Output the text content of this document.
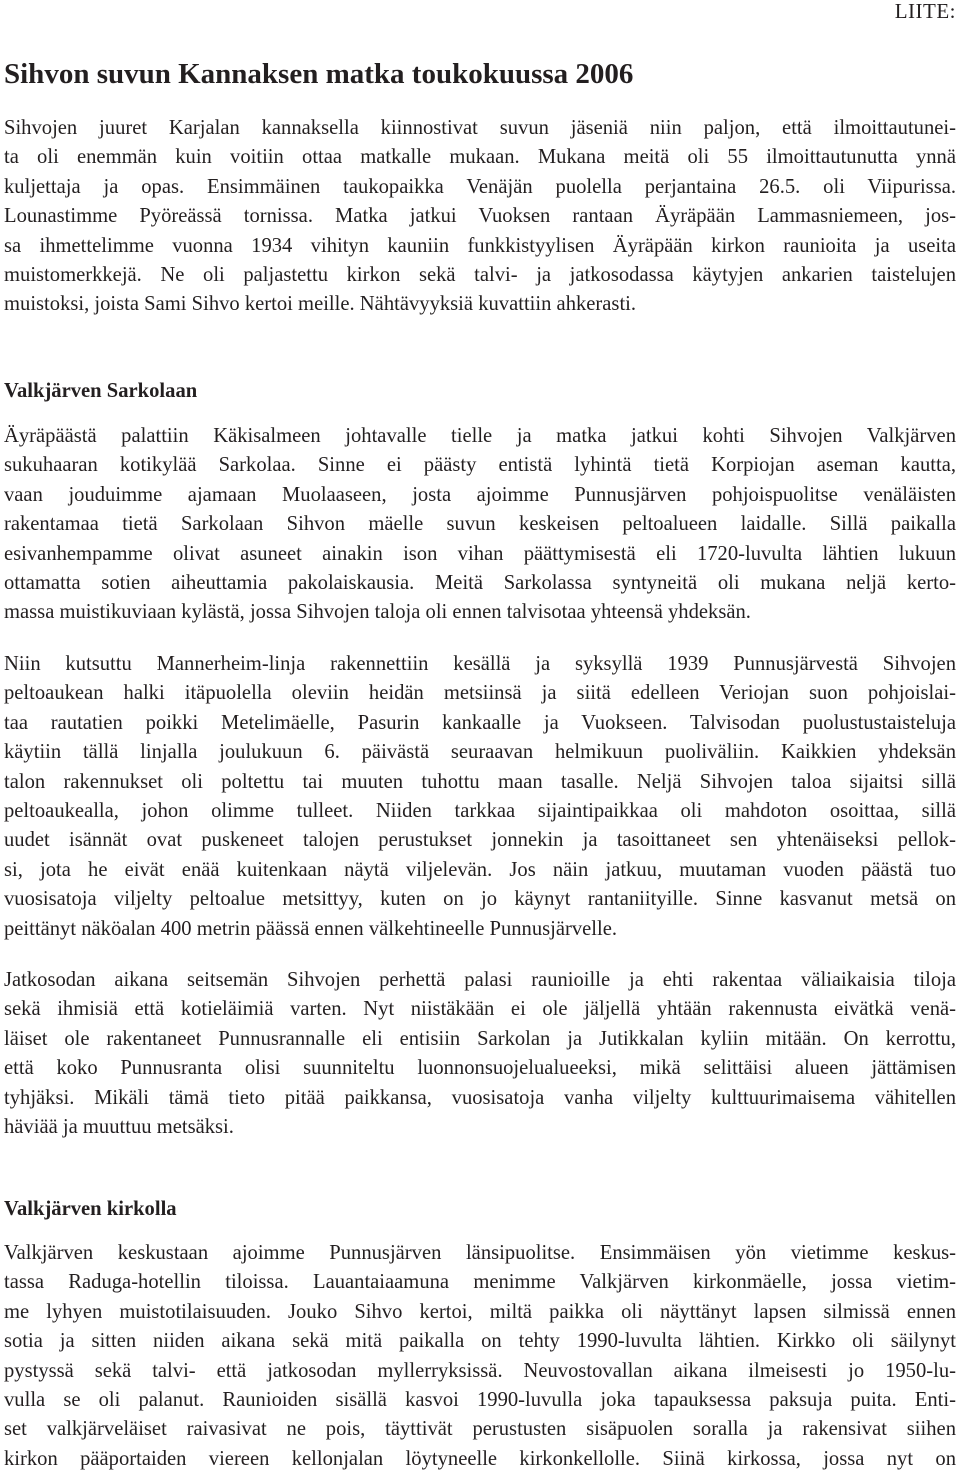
LIITE:
Sihvon suvun Kannaksen matka toukokuussa 2006
Sihvojen juuret Karjalan kannaksella kiinnostivat suvun jäseniä niin paljon, että ilmoittautunei-
ta oli enemmän kuin voitiin ottaa matkalle mukaan. Mukana meitä oli 55 ilmoittautunutta ynnä
kuljettaja ja opas. Ensimmäinen taukopaikka Venäjän puolella perjantaina 26.5. oli Viipurissa.
Lounastimme Pyöreässä tornissa. Matka jatkui Vuoksen rantaan Äyräpään Lammasniemeen, jos-
sa ihmettelimme vuonna 1934 vihityn kauniin funkkistyylisen Äyräpään kirkon raunioita ja useita
muistomerkkejä. Ne oli paljastettu kirkon sekä talvi- ja jatkosodassa käytyjen ankarien taistelujen
muistoksi, joista Sami Sihvo kertoi meille. Nähtävyyksiä kuvattiin ahkerasti.
Valkjärven Sarkolaan
Äyräpäästä palattiin Käkisalmeen johtavalle tielle ja matka jatkui kohti Sihvojen Valkjärven
sukuhaaran kotikylää Sarkolaa. Sinne ei päästy entistä lyhintä tietä Korpiojan aseman kautta,
vaan jouduimme ajamaan Muolaaseen, josta ajoimme Punnusjärven pohjoispuolitse venäläisten
rakentamaa tietä Sarkolaan Sihvon mäelle suvun keskeisen peltoalueen laidalle. Sillä paikalla
esivanhempamme olivat asuneet ainakin ison vihan päättymisestä eli 1720-luvulta lähtien lukuun
ottamatta sotien aiheuttamia pakolaiskausia. Meitä Sarkolassa syntyneitä oli mukana neljä kerto-
massa muistikuviaan kylästä, jossa Sihvojen taloja oli ennen talvisotaa yhteensä yhdeksän.
Niin kutsuttu Mannerheim-linja rakennettiin kesällä ja syksyllä 1939 Punnusjärvestä Sihvojen
peltoaukean halki itäpuolella oleviin heidän metsiinsä ja siitä edelleen Veriojan suon pohjoislai-
taa rautatien poikki Metelimäelle, Pasurin kankaalle ja Vuokseen. Talvisodan puolustustaisteluja
käytiin tällä linjalla joulukuun 6. päivästä seuraavan helmikuun puoliväliin. Kaikkien yhdeksän
talon rakennukset oli poltettu tai muuten tuhottu maan tasalle. Neljä Sihvojen taloa sijaitsi sillä
peltoaukealla, johon olimme tulleet. Niiden tarkkaa sijaintipaikkaa oli mahdoton osoittaa, sillä
uudet isännät ovat puskeneet talojen perustukset jonnekin ja tasoittaneet sen yhtenäiseksi pellok-
si, jota he eivät enää kuitenkaan näytä viljelevän. Jos näin jatkuu, muutaman vuoden päästä tuo
vuosisatoja viljelty peltoalue metsittyy, kuten on jo käynyt rantaniityille. Sinne kasvanut metsä on
peittänyt näköalan 400 metrin päässä ennen välkehtineelle Punnusjärvelle.
Jatkosodan aikana seitsemän Sihvojen perhettä palasi raunioille ja ehti rakentaa väliaikaisia tiloja
sekä ihmisiä että kotieläimiä varten. Nyt niistäkään ei ole jäljellä yhtään rakennusta eivätkä venä-
läiset ole rakentaneet Punnusrannalle eli entisiin Sarkolan ja Jutikkalan kyliin mitään. On kerrottu,
että koko Punnusranta olisi suunniteltu luonnonsuojelualueeksi, mikä selittäisi alueen jättämisen
tyhjäksi. Mikäli tämä tieto pitää paikkansa, vuosisatoja vanha viljelty kulttuurimaisema vähitellen
häviää ja muuttuu metsäksi.
Valkjärven kirkolla
Valkjärven keskustaan ajoimme Punnusjärven länsipuolitse. Ensimmäisen yön vietimme keskus-
tassa Raduga-hotellin tiloissa. Lauantaiaamuna menimme Valkjärven kirkonmäelle, jossa vietim-
me lyhyen muistotilaisuuden. Jouko Sihvo kertoi, miltä paikka oli näyttänyt lapsen silmissä ennen
sotia ja sitten niiden aikana sekä mitä paikalla on tehty 1990-luvulta lähtien. Kirkko oli säilynyt
pystyssä sekä talvi- että jatkosodan myllerryksissä. Neuvostovallan aikana ilmeisesti jo 1950-lu-
vulla se oli palanut. Raunioiden sisällä kasvoi 1990-luvulla joka tapauksessa paksuja puita. Enti-
set valkjärveläiset raivasivat ne pois, täyttivät perustusten sisäpuolen soralla ja rakensivat siihen
kirkon pääportaiden viereen kellonjalan löytyneelle kirkonkellolle. Siinä kirkossa, jossa nyt on
